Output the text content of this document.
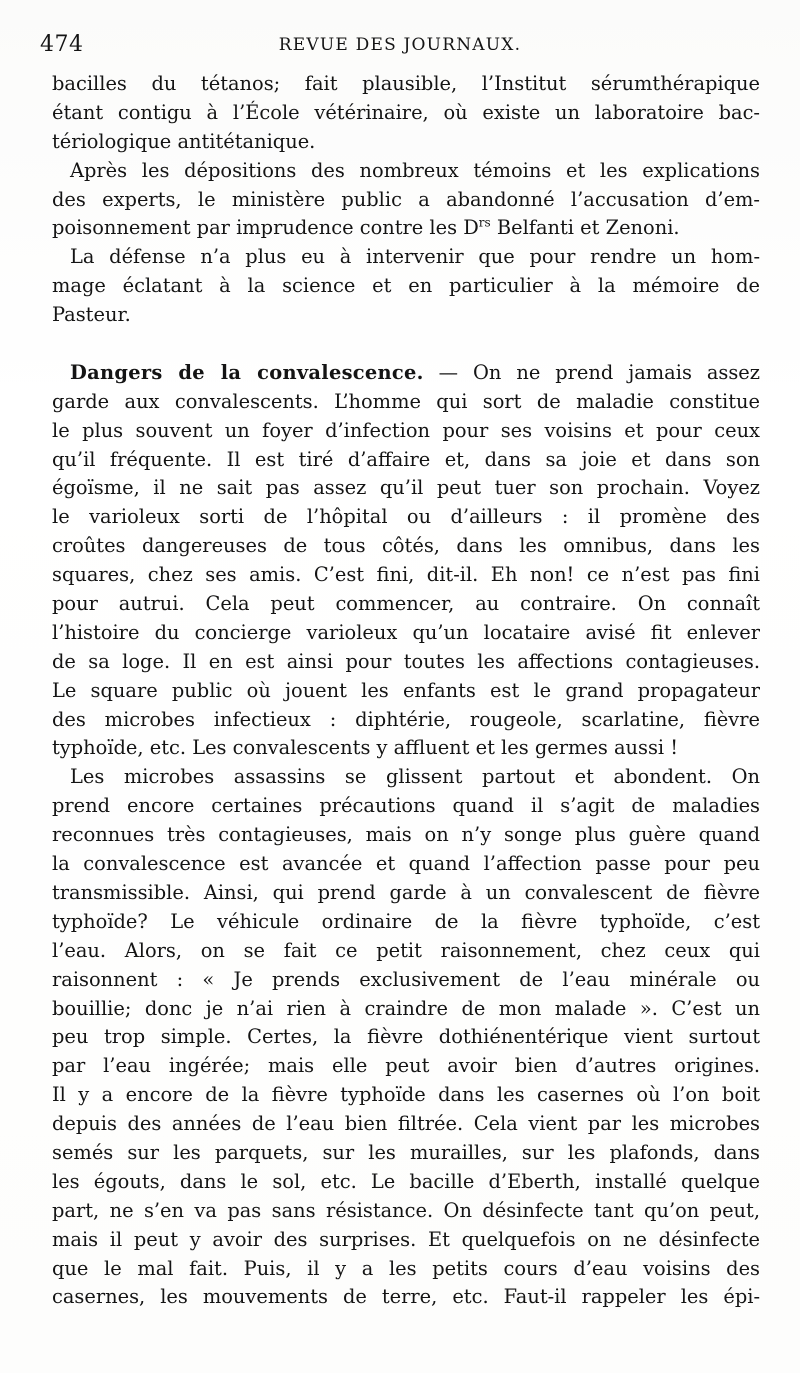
474	REVUE DES JOURNAUX.
bacilles du tétanos; fait plausible, l’Institut sérumthérapique
étant contigu à l’École vétérinaire, où existe un laboratoire bac-
tériologique antitétanique.
Après les dépositions des nombreux témoins et les explications
des experts, le ministère public a abandonné l’accusation d’em-
poisonnement par imprudence contre les $D^{rs}$ Belfanti et Zenoni.
La défense n’a plus eu à intervenir que pour rendre un hom-
mage éclatant à la science et en particulier à la mémoire de
Pasteur.
Dangers de la convalescence. — On ne prend jamais assez
garde aux convalescents. L’homme qui sort de maladie constitue
le plus souvent un foyer d’infection pour ses voisins et pour ceux
qu’il fréquente. Il est tiré d’affaire et, dans sa joie et dans son
égoïsme, il ne sait pas assez qu’il peut tuer son prochain. Voyez
le varioleux sorti de l’hôpital ou d’ailleurs : il promène des
croûtes dangereuses de tous côtés, dans les omnibus, dans les
squares, chez ses amis. C’est fini, dit-il. Eh non! ce n’est pas fini
pour autrui. Cela peut commencer, au contraire. On connaît
l’histoire du concierge varioleux qu’un locataire avisé fit enlever
de sa loge. Il en est ainsi pour toutes les affections contagieuses.
Le square public où jouent les enfants est le grand propagateur
des microbes infectieux : diphtérie, rougeole, scarlatine, fièvre
typhoïde, etc. Les convalescents y affluent et les germes aussi !
Les microbes assassins se glissent partout et abondent. On
prend encore certaines précautions quand il s’agit de maladies
reconnues très contagieuses, mais on n’y songe plus guère quand
la convalescence est avancée et quand l’affection passe pour peu
transmissible. Ainsi, qui prend garde à un convalescent de fièvre
typhoïde? Le véhicule ordinaire de la fièvre typhoïde, c’est
l’eau. Alors, on se fait ce petit raisonnement, chez ceux qui
raisonnent : « Je prends exclusivement de l’eau minérale ou
bouillie; donc je n’ai rien à craindre de mon malade ». C’est un
peu trop simple. Certes, la fièvre dothiénentérique vient surtout
par l’eau ingérée; mais elle peut avoir bien d’autres origines.
Il y a encore de la fièvre typhoïde dans les casernes où l’on boit
depuis des années de l’eau bien filtrée. Cela vient par les microbes
semés sur les parquets, sur les murailles, sur les plafonds, dans
les égouts, dans le sol, etc. Le bacille d’Eberth, installé quelque
part, ne s’en va pas sans résistance. On désinfecte tant qu’on peut,
mais il peut y avoir des surprises. Et quelquefois on ne désinfecte
que le mal fait. Puis, il y a les petits cours d’eau voisins des
casernes, les mouvements de terre, etc. Faut-il rappeler les épi-
